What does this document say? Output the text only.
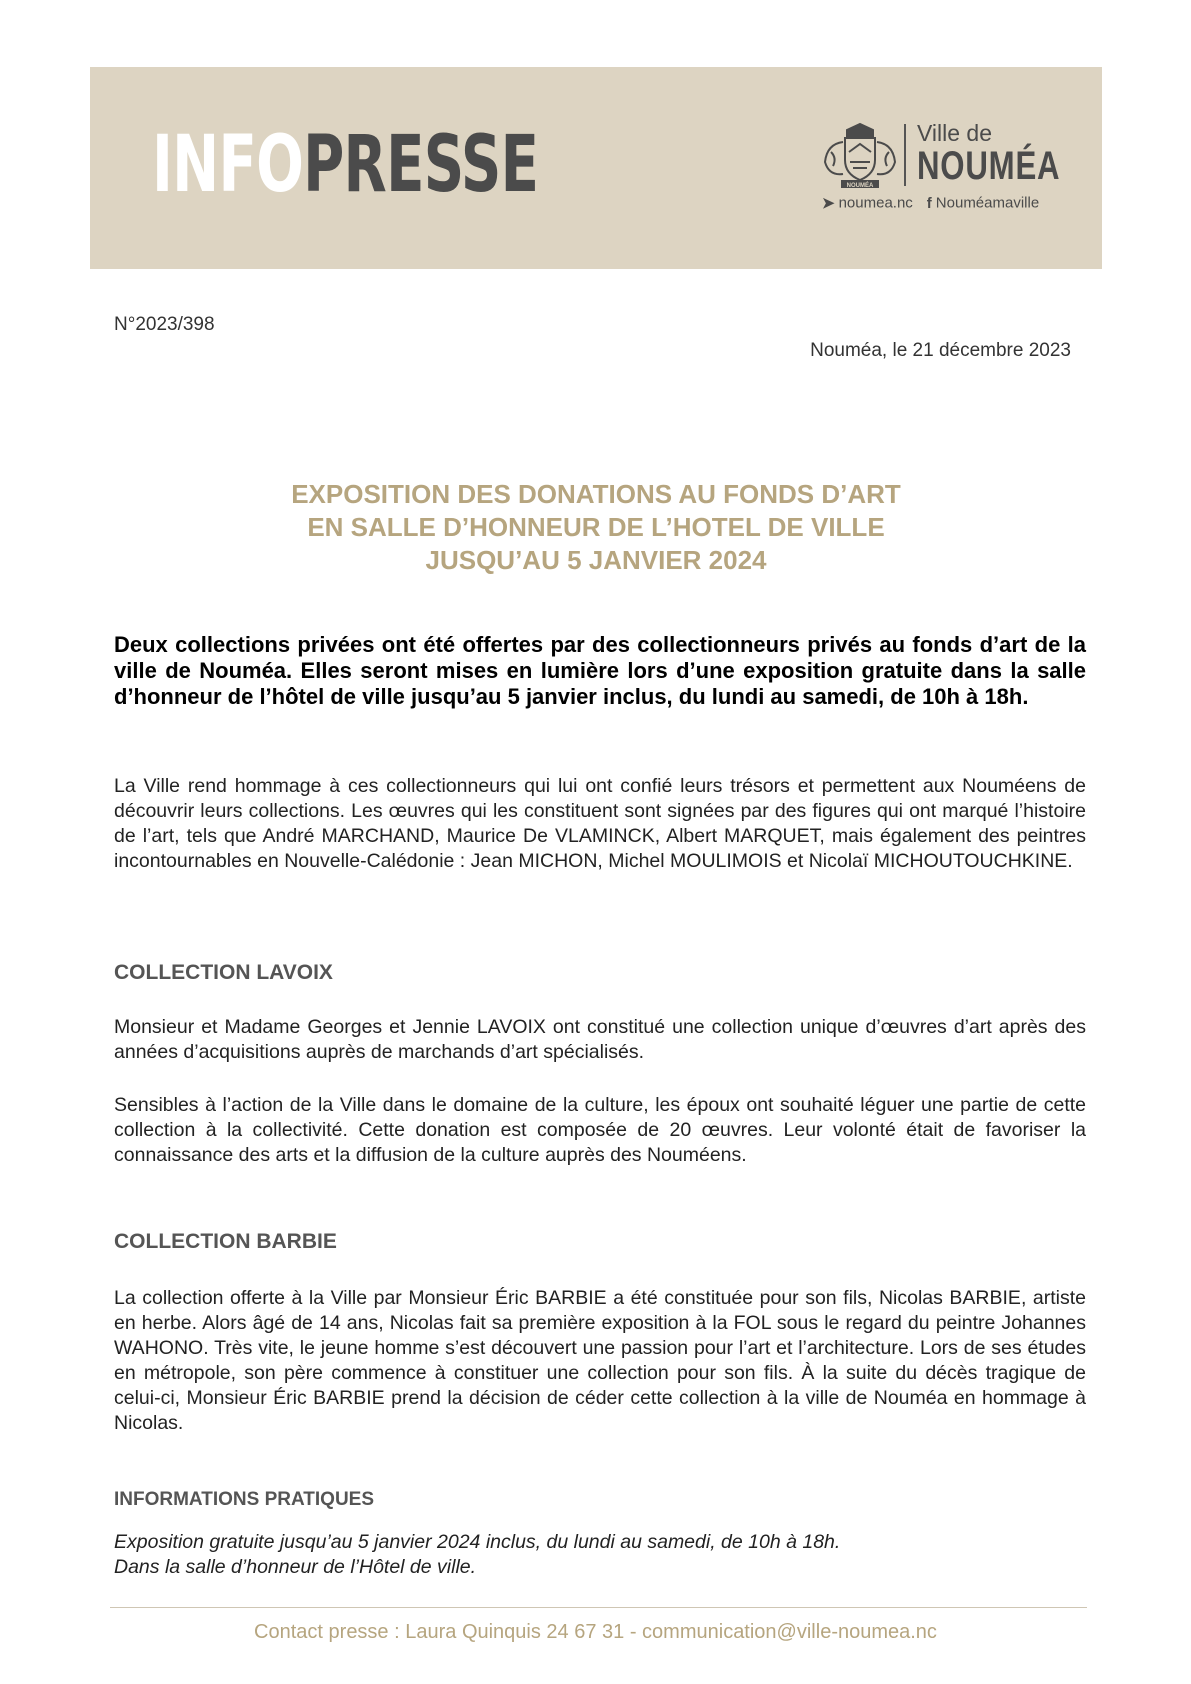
INFOPRESSE	NOUMÉA
Ville de
NOUMÉA
➤ noumea.nc f Nouméamaville
N°2023/398
Nouméa, le 21 décembre 2023
EXPOSITION DES DONATIONS AU FONDS D’ART
EN SALLE D’HONNEUR DE L’HOTEL DE VILLE
JUSQU’AU 5 JANVIER 2024
Deux collections privées ont été offertes par des collectionneurs privés au fonds d’art de la ville de Nouméa. Elles seront mises en lumière lors d’une exposition gratuite dans la salle d’honneur de l’hôtel de ville jusqu’au 5 janvier inclus, du lundi au samedi, de 10h à 18h.

La Ville rend hommage à ces collectionneurs qui lui ont confié leurs trésors et permettent aux Nouméens de découvrir leurs collections. Les œuvres qui les constituent sont signées par des figures qui ont marqué l’histoire de l’art, tels que André MARCHAND, Maurice De VLAMINCK, Albert MARQUET, mais également des peintres incontournables en Nouvelle-Calédonie : Jean MICHON, Michel MOULIMOIS et Nicolaï MICHOUTOUCHKINE.

COLLECTION LAVOIX

Monsieur et Madame Georges et Jennie LAVOIX ont constitué une collection unique d’œuvres d’art après des années d’acquisitions auprès de marchands d’art spécialisés.

Sensibles à l’action de la Ville dans le domaine de la culture, les époux ont souhaité léguer une partie de cette collection à la collectivité. Cette donation est composée de 20 œuvres. Leur volonté était de favoriser la connaissance des arts et la diffusion de la culture auprès des Nouméens.

COLLECTION BARBIE

La collection offerte à la Ville par Monsieur Éric BARBIE a été constituée pour son fils, Nicolas BARBIE, artiste en herbe. Alors âgé de 14 ans, Nicolas fait sa première exposition à la FOL sous le regard du peintre Johannes WAHONO. Très vite, le jeune homme s’est découvert une passion pour l’art et l’architecture. Lors de ses études en métropole, son père commence à constituer une collection pour son fils. À la suite du décès tragique de celui-ci, Monsieur Éric BARBIE prend la décision de céder cette collection à la ville de Nouméa en hommage à Nicolas.

INFORMATIONS PRATIQUES
Exposition gratuite jusqu’au 5 janvier 2024 inclus, du lundi au samedi, de 10h à 18h.
Dans la salle d’honneur de l’Hôtel de ville.
Contact presse : Laura Quinquis 24 67 31 - communication@ville-noumea.nc
